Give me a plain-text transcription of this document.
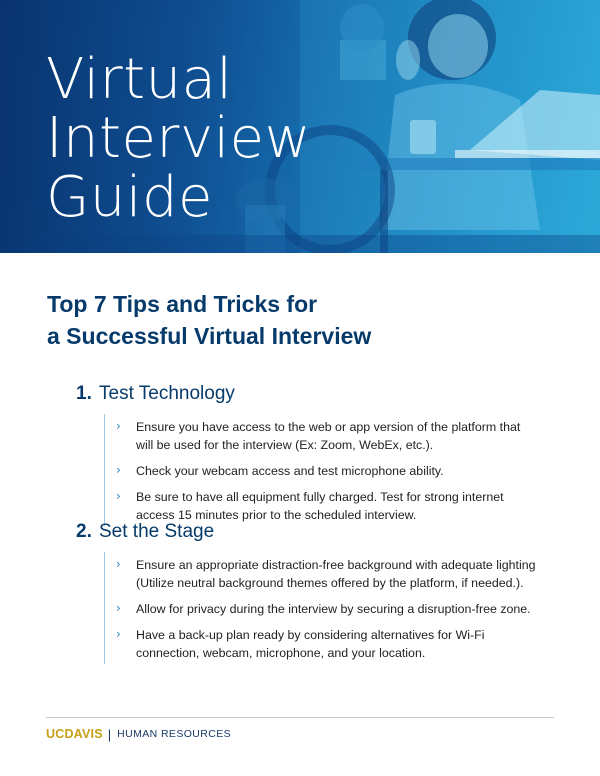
Virtual
Interview
Guide
Top 7 Tips and Tricks for
a Successful Virtual Interview
1. Test Technology
› Ensure you have access to the web or app version of the platform that will be used for the interview (Ex: Zoom, WebEx, etc.).
› Check your webcam access and test microphone ability.
› Be sure to have all equipment fully charged. Test for strong internet access 15 minutes prior to the scheduled interview.
2. Set the Stage
› Ensure an appropriate distraction-free background with adequate lighting (Utilize neutral background themes offered by the platform, if needed.).
› Allow for privacy during the interview by securing a disruption-free zone.
› Have a back-up plan ready by considering alternatives for Wi-Fi connection, webcam, microphone, and your location.
UCDAVIS | HUMAN RESOURCES
